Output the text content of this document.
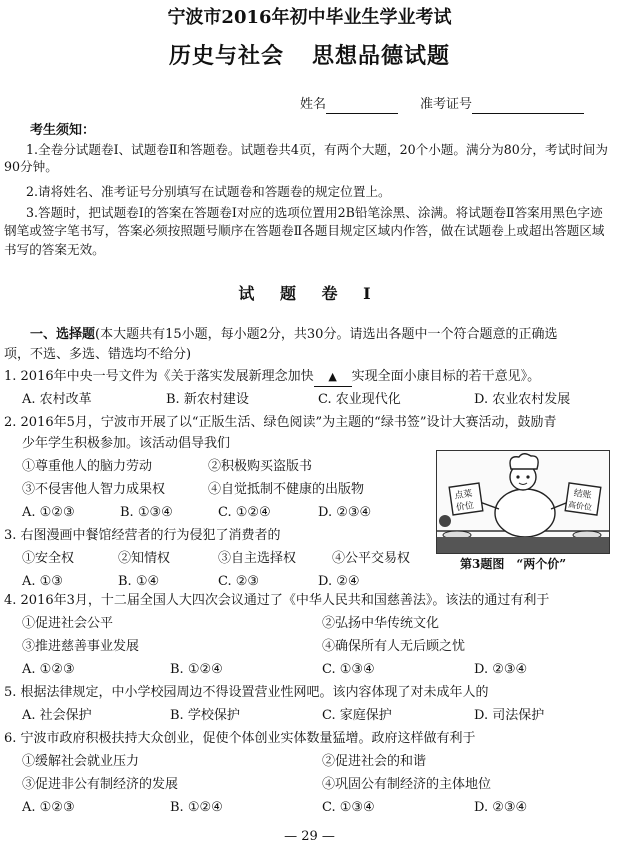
宁波市2016年初中毕业生学业考试
历史与社会 思想品德试题
姓名	准考证号
考生须知：
1.全卷分试题卷Ⅰ、试题卷Ⅱ和答题卷。试题卷共4页，有两个大题，20个小题。满分为80分，考试时间为90分钟。
2.请将姓名、准考证号分别填写在试题卷和答题卷的规定位置上。
3.答题时，把试题卷Ⅰ的答案在答题卷Ⅰ对应的选项位置用2B铅笔涂黑、涂满。将试题卷Ⅱ答案用黑色字迹钢笔或签字笔书写，答案必须按照题号顺序在答题卷Ⅱ各题目规定区域内作答，做在试题卷上或超出答题区域书写的答案无效。
试 题 卷 Ⅰ
一、选择题(本大题共有15小题，每小题2分，共30分。请选出各题中一个符合题意的正确选
项，不选、多选、错选均不给分)
1. 2016年中央一号文件为《关于落实发展新理念加快 ▲ 实现全面小康目标的若干意见》。
A. 农村改革	B. 新农村建设	C. 农业现代化	D. 农业农村发展
2. 2016年5月，宁波市开展了以“正版生活、绿色阅读”为主题的“绿书签”设计大赛活动，鼓励青
少年学生积极参加。该活动倡导我们
①尊重他人的脑力劳动	②积极购买盗版书
③不侵害他人智力成果权	④自觉抵制不健康的出版物
A. ①②③	B. ①③④	C. ①②④	D. ②③④
3. 右图漫画中餐馆经营者的行为侵犯了消费者的
①安全权	②知情权	③自主选择权	④公平交易权
A. ①③	B. ①④	C. ②③	D. ②④
点菜
价位
结账
高价位
第3题图　“两个价”
4. 2016年3月，十二届全国人大四次会议通过了《中华人民共和国慈善法》。该法的通过有利于
①促进社会公平	②弘扬中华传统文化
③推进慈善事业发展	④确保所有人无后顾之忧
A. ①②③	B. ①②④	C. ①③④	D. ②③④
5. 根据法律规定，中小学校园周边不得设置营业性网吧。该内容体现了对未成年人的
A. 社会保护	B. 学校保护	C. 家庭保护	D. 司法保护
6. 宁波市政府积极扶持大众创业，促使个体创业实体数量猛增。政府这样做有利于
①缓解社会就业压力	②促进社会的和谐
③促进非公有制经济的发展	④巩固公有制经济的主体地位
A. ①②③	B. ①②④	C. ①③④	D. ②③④
— 29 —
